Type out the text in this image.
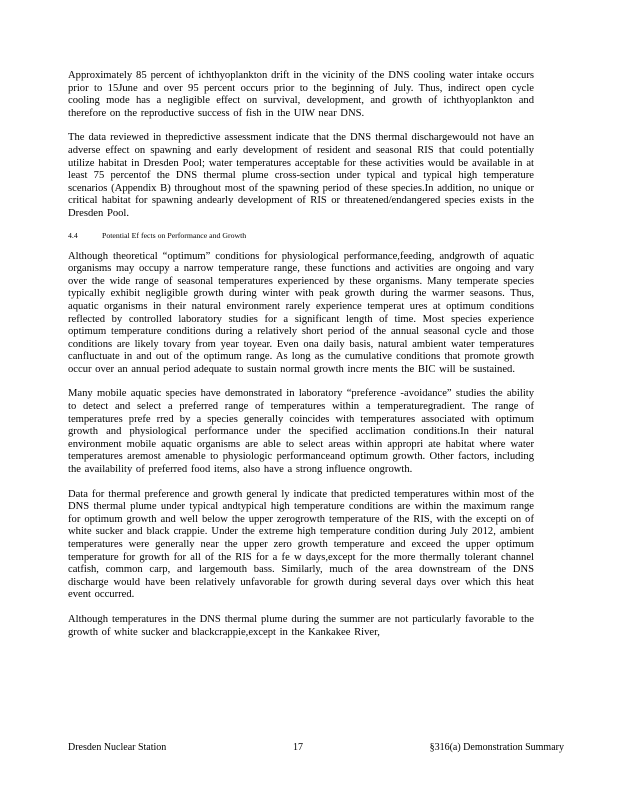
Approximately 85 percent of ichthyoplankton drift in the vicinity of the DNS cooling water intake occurs prior to 15June and over 95 percent occurs prior to the beginning of July. Thus, indirect open cycle cooling mode has a negligible effect on survival, development, and growth of ichthyoplankton and therefore on the reproductive success of fish in the UIW near DNS.

The data reviewed in thepredictive assessment indicate that the DNS thermal dischargewould not have an adverse effect on spawning and early development of resident and seasonal RIS that could potentially utilize habitat in Dresden Pool; water temperatures acceptable for these activities would be available in at least 75 percentof the DNS thermal plume cross-section under typical and typical high temperature scenarios (Appendix B) throughout most of the spawning period of these species.In addition, no unique or critical habitat for spawning andearly development of RIS or threatened/endangered species exists in the Dresden Pool.

4.4	Potential Ef fects on Performance and Growth

Although theoretical “optimum” conditions for physiological performance,feeding, andgrowth of aquatic organisms may occupy a narrow temperature range, these functions and activities are ongoing and vary over the wide range of seasonal temperatures experienced by these organisms. Many temperate species typically exhibit negligible growth during winter with peak growth during the warmer seasons. Thus, aquatic organisms in their natural environment rarely experience temperat ures at optimum conditions reflected by controlled laboratory studies for a significant length of time. Most species experience optimum temperature conditions during a relatively short period of the annual seasonal cycle and those conditions are likely tovary from year toyear. Even ona daily basis, natural ambient water temperatures canfluctuate in and out of the optimum range. As long as the cumulative conditions that promote growth occur over an annual period adequate to sustain normal growth incre ments the BIC will be sustained.

Many mobile aquatic species have demonstrated in laboratory “preference -avoidance” studies the ability to detect and select a preferred range of temperatures within a temperaturegradient. The range of temperatures prefe rred by a species generally coincides with temperatures associated with optimum growth and physiological performance under the specified acclimation conditions.In their natural environment mobile aquatic organisms are able to select areas within appropri ate habitat where water temperatures aremost amenable to physiologic performanceand optimum growth. Other factors, including the availability of preferred food items, also have a strong influence ongrowth.

Data for thermal preference and growth general ly indicate that predicted temperatures within most of the DNS thermal plume under typical andtypical high temperature conditions are within the maximum range for optimum growth and well below the upper zerogrowth temperature of the RIS, with the excepti on of white sucker and black crappie. Under the extreme high temperature condition during July 2012, ambient temperatures were generally near the upper zero growth temperature and exceed the upper optimum temperature for growth for all of the RIS for a fe w days,except for the more thermally tolerant channel catfish, common carp, and largemouth bass. Similarly, much of the area downstream of the DNS discharge would have been relatively unfavorable for growth during several days over which this heat event occurred.

Although temperatures in the DNS thermal plume during the summer are not particularly favorable to the growth of white sucker and blackcrappie,except in the Kankakee River,

Dresden Nuclear Station	17	§316(a) Demonstration Summary
